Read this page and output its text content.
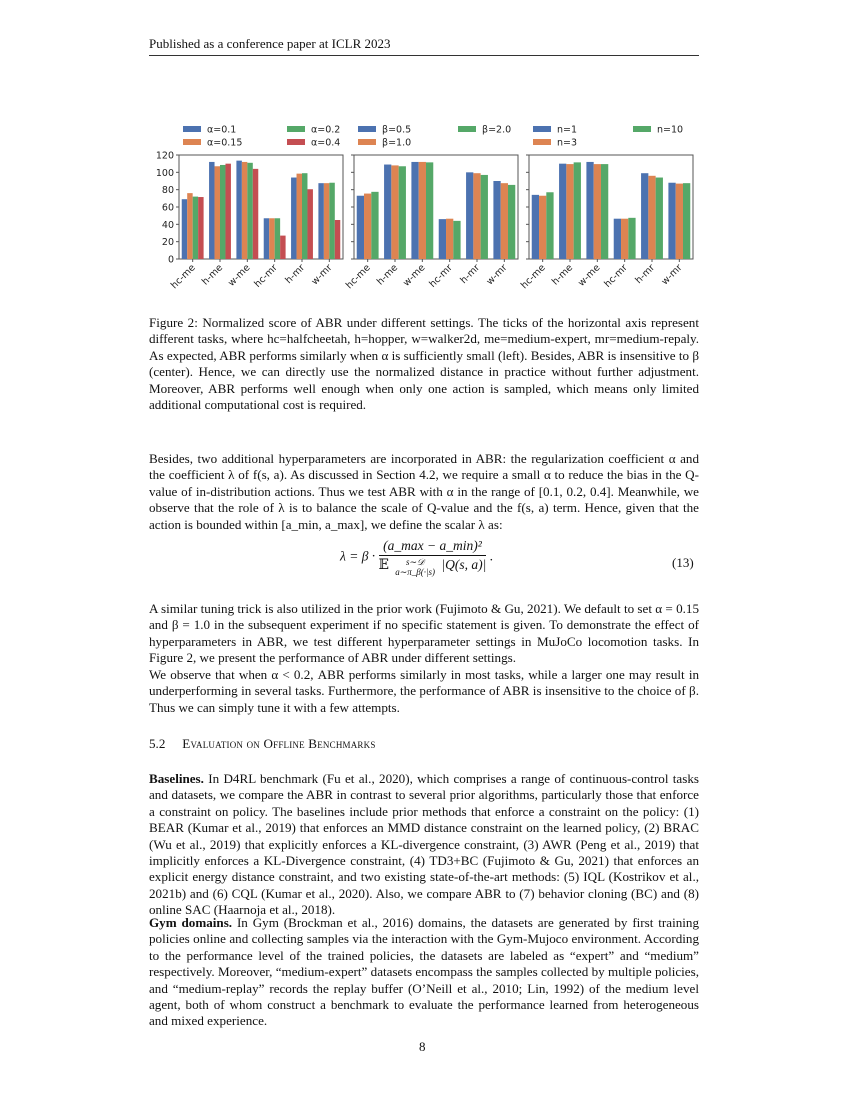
Published as a conference paper at ICLR 2023
0
20
40
60
80
100
120
hc-me h-me w-me hc-mr h-mr w-mr
α=0.1
α=0.15
α=0.2
α=0.4
hc-me h-me w-me hc-mr h-mr w-mr
β=0.5
β=1.0
β=2.0
hc-me h-me w-me hc-mr h-mr w-mr
n=1
n=3
n=10
Figure 2: Normalized score of ABR under different settings. The ticks of the horizontal axis represent different tasks, where hc=halfcheetah, h=hopper, w=walker2d, me=medium-expert, mr=medium-repaly. As expected, ABR performs similarly when α is sufficiently small (left). Besides, ABR is insensitive to β (center). Hence, we can directly use the normalized distance in practice without further adjustment. Moreover, ABR performs well enough when only one action is sampled, which means only limited additional computational cost is required.
Besides, two additional hyperparameters are incorporated in ABR: the regularization coefficient α and the coefficient λ of f(s, a). As discussed in Section 4.2, we require a small α to reduce the bias in the Q-value of in-distribution actions. Thus we test ABR with α in the range of [0.1, 0.2, 0.4]. Meanwhile, we observe that the role of λ is to balance the scale of Q-value and the f(s, a) term. Hence, given that the action is bounded within [a_min, a_max], we define the scalar λ as:
λ = β ·
(a_max − a_min)²
𝔼 s∼𝒟
a∼π_β(·|s) |Q(s, a)|
.	(13)
A similar tuning trick is also utilized in the prior work (Fujimoto & Gu, 2021). We default to set α = 0.15 and β = 1.0 in the subsequent experiment if no specific statement is given. To demonstrate the effect of hyperparameters in ABR, we test different hyperparameter settings in MuJoCo locomotion tasks. In Figure 2, we present the performance of ABR under different settings.
We observe that when α < 0.2, ABR performs similarly in most tasks, while a larger one may result in underperforming in several tasks. Furthermore, the performance of ABR is insensitive to the choice of β. Thus we can simply tune it with a few attempts.
5.2 Evaluation on Offline Benchmarks
Baselines. In D4RL benchmark (Fu et al., 2020), which comprises a range of continuous-control tasks and datasets, we compare the ABR in contrast to several prior algorithms, particularly those that enforce a constraint on policy. The baselines include prior methods that enforce a constraint on the policy: (1) BEAR (Kumar et al., 2019) that enforces an MMD distance constraint on the learned policy, (2) BRAC (Wu et al., 2019) that explicitly enforces a KL-divergence constraint, (3) AWR (Peng et al., 2019) that implicitly enforces a KL-Divergence constraint, (4) TD3+BC (Fujimoto & Gu, 2021) that enforces an explicit energy distance constraint, and two existing state-of-the-art methods: (5) IQL (Kostrikov et al., 2021b) and (6) CQL (Kumar et al., 2020). Also, we compare ABR to (7) behavior cloning (BC) and (8) online SAC (Haarnoja et al., 2018).
Gym domains. In Gym (Brockman et al., 2016) domains, the datasets are generated by first training policies online and collecting samples via the interaction with the Gym-Mujoco environment. According to the performance level of the trained policies, the datasets are labeled as “expert” and “medium” respectively. Moreover, “medium-expert” datasets encompass the samples collected by multiple policies, and “medium-replay” records the replay buffer (O’Neill et al., 2010; Lin, 1992) of the medium level agent, both of whom construct a benchmark to evaluate the performance learned from heterogeneous and mixed experience.
8
